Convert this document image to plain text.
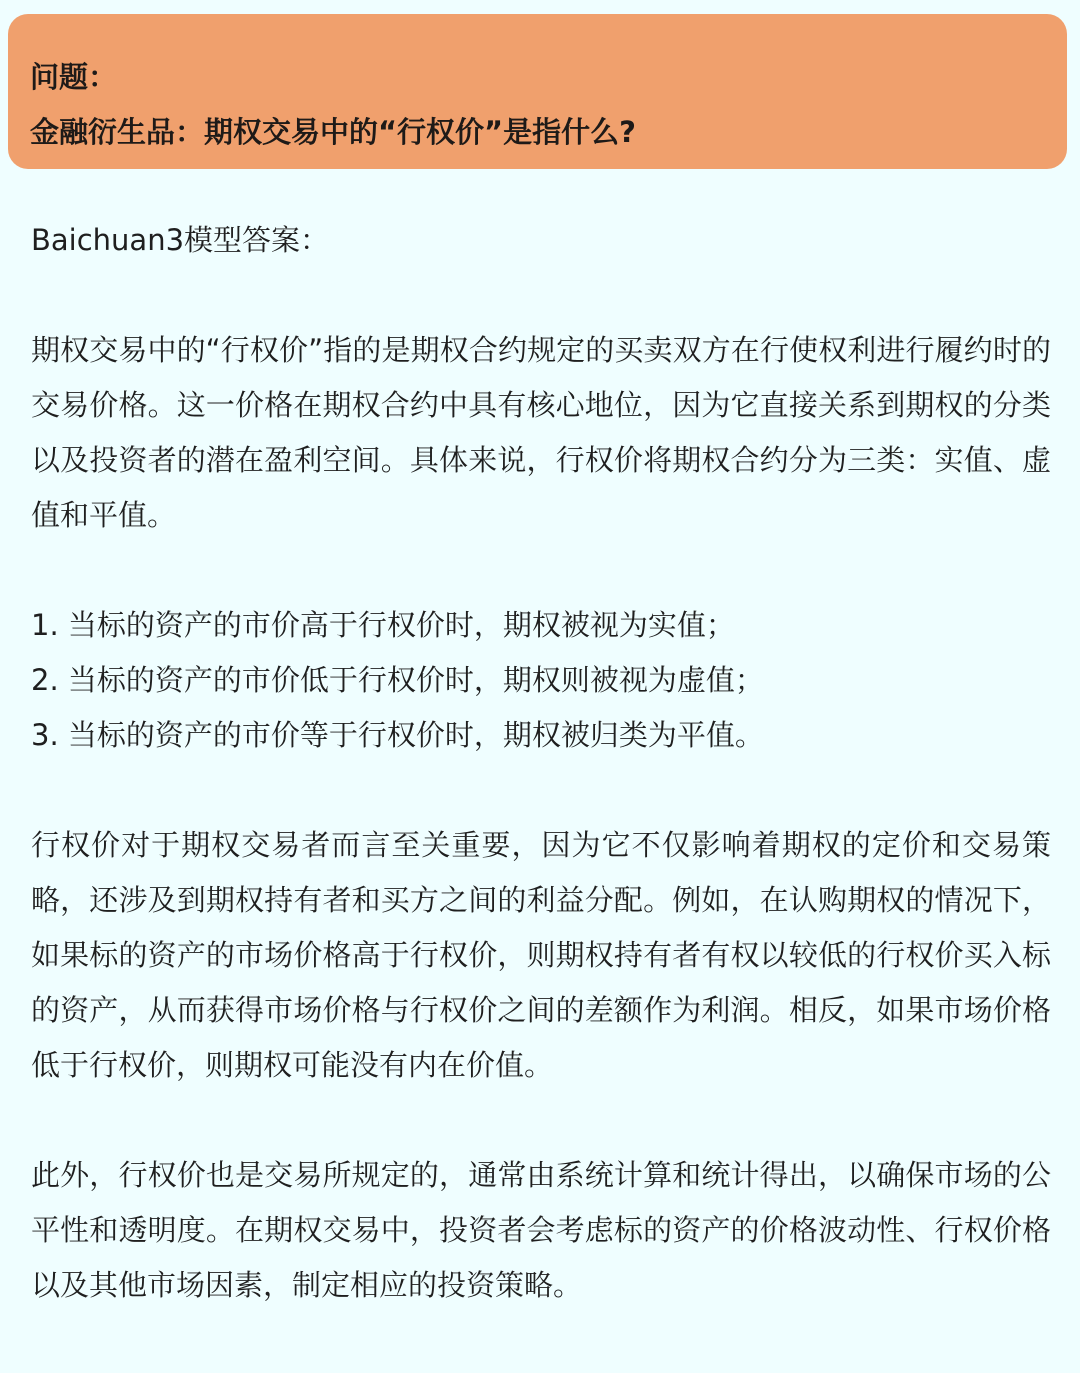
问题：
金融衍生品：期权交易中的“行权价”是指什么?
Baichuan3模型答案：
期权交易中的“行权价”指的是期权合约规定的买卖双方在行使权利进行履约时的交易价格。这一价格在期权合约中具有核心地位，因为它直接关系到期权的分类以及投资者的潜在盈利空间。具体来说，行权价将期权合约分为三类：实值、虚值和平值。
1. 当标的资产的市价高于行权价时，期权被视为实值；
2. 当标的资产的市价低于行权价时，期权则被视为虚值；
3. 当标的资产的市价等于行权价时，期权被归类为平值。
行权价对于期权交易者而言至关重要，因为它不仅影响着期权的定价和交易策略，还涉及到期权持有者和买方之间的利益分配。例如，在认购期权的情况下，如果标的资产的市场价格高于行权价，则期权持有者有权以较低的行权价买入标的资产，从而获得市场价格与行权价之间的差额作为利润。相反，如果市场价格低于行权价，则期权可能没有内在价值。
此外，行权价也是交易所规定的，通常由系统计算和统计得出，以确保市场的公平性和透明度。在期权交易中，投资者会考虑标的资产的价格波动性、行权价格以及其他市场因素，制定相应的投资策略。
